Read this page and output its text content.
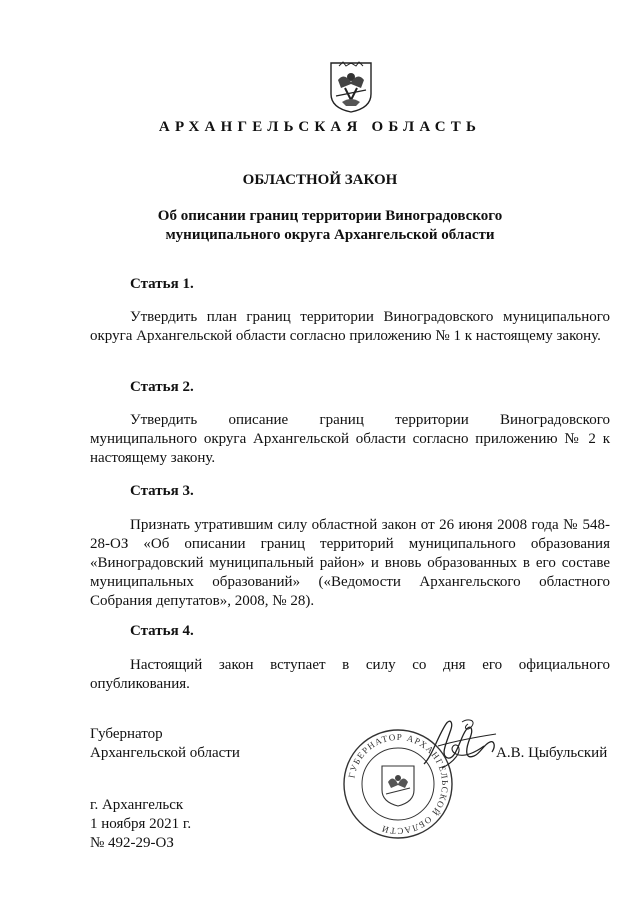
АРХАНГЕЛЬСКАЯ ОБЛАСТЬ
ОБЛАСТНОЙ ЗАКОН
Об описании границ территории Виноградовского муниципального округа Архангельской области
Статья 1.
Утвердить план границ территории Виноградовского муниципального округа Архангельской области согласно приложению № 1 к настоящему закону.
Статья 2.
Утвердить описание границ территории Виноградовского муниципального округа Архангельской области согласно приложению № 2 к настоящему закону.
Статья 3.
Признать утратившим силу областной закон от 26 июня 2008 года № 548-28-ОЗ «Об описании границ территорий муниципального образования «Виноградовский муниципальный район» и вновь образованных в его составе муниципальных образований» («Ведомости Архангельского областного Собрания депутатов», 2008, № 28).
Статья 4.
Настоящий закон вступает в силу со дня его официального опубликования.
Губернатор
Архангельской области	А.В. Цыбульский
ГУБЕРНАТОР АРХАНГЕЛЬСКОЙ ОБЛАСТИ
г. Архангельск
1 ноября 2021 г.
№ 492-29-ОЗ
